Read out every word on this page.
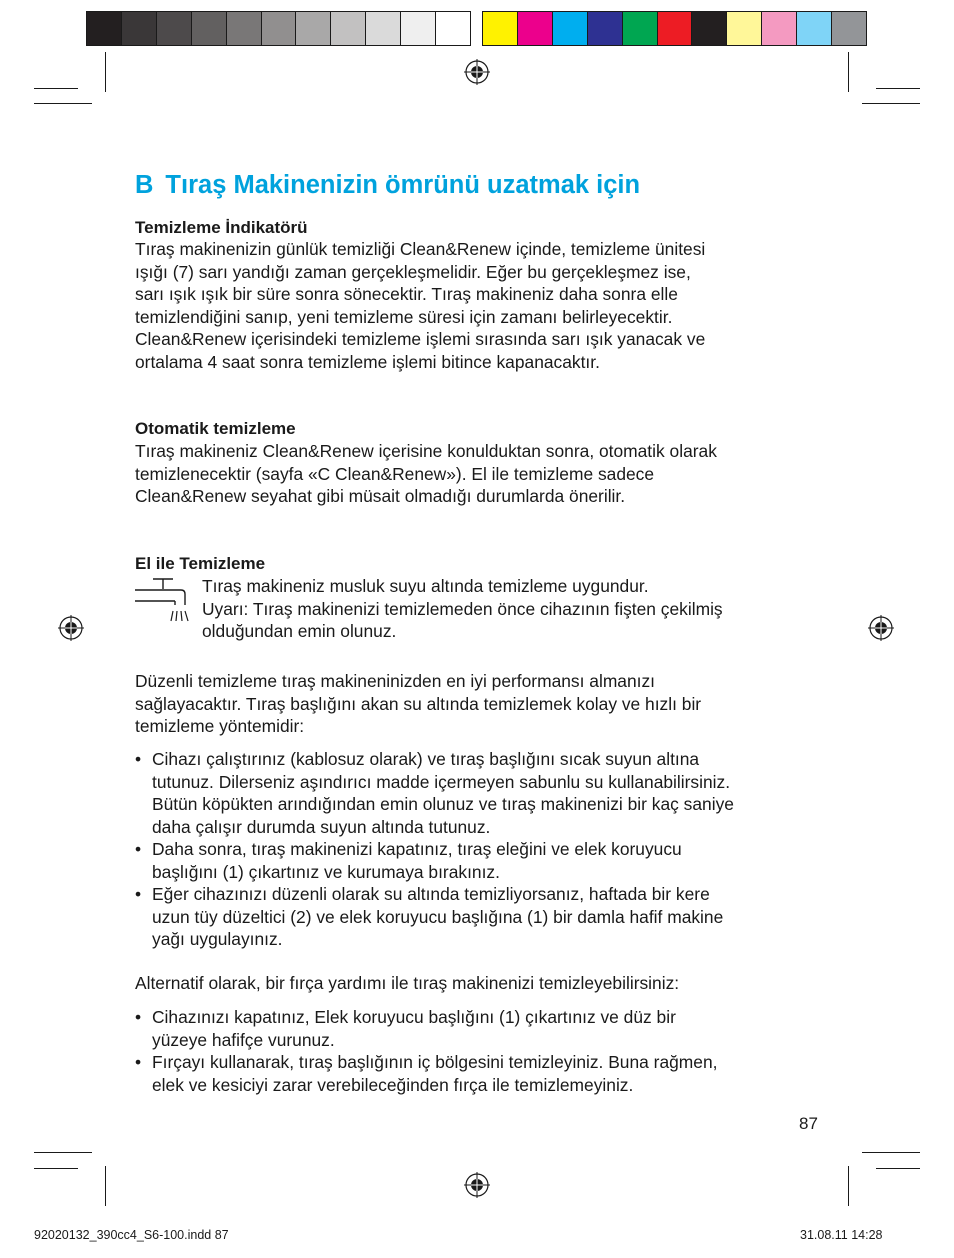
B Tıraş Makinenizin ömrünü uzatmak için
Temizleme İndikatörü

Tıraş makinenizin günlük temizliği Clean&Renew içinde, temizleme ünitesi
ışığı (7) sarı yandığı zaman gerçekleşmelidir. Eğer bu gerçekleşmez ise,
sarı ışık ışık bir süre sonra sönecektir. Tıraş makineniz daha sonra elle
temizlendiğini sanıp, yeni temizleme süresi için zamanı belirleyecektir.
Clean&Renew içerisindeki temizleme işlemi sırasında sarı ışık yanacak ve
ortalama 4 saat sonra temizleme işlemi bitince kapanacaktır.

Otomatik temizleme

Tıraş makineniz Clean&Renew içerisine konulduktan sonra, otomatik olarak
temizlenecektir (sayfa «C Clean&Renew»). El ile temizleme sadece
Clean&Renew seyahat gibi müsait olmadığı durumlarda önerilir.

El ile Temizleme

Tıraş makineniz musluk suyu altında temizleme uygundur.
Uyarı: Tıraş makinenizi temizlemeden önce cihazının fişten çekilmiş
olduğundan emin olunuz.

Düzenli temizleme tıraş makineninizden en iyi performansı almanızı
sağlayacaktır. Tıraş başlığını akan su altında temizlemek kolay ve hızlı bir
temizleme yöntemidir:

• Cihazı çalıştırınız (kablosuz olarak) ve tıraş başlığını sıcak suyun altına
tutunuz. Dilerseniz aşındırıcı madde içermeyen sabunlu su kullanabilirsiniz.
Bütün köpükten arındığından emin olunuz ve tıraş makinenizi bir kaç saniye
daha çalışır durumda suyun altında tutunuz.
• Daha sonra, tıraş makinenizi kapatınız, tıraş eleğini ve elek koruyucu
başlığını (1) çıkartınız ve kurumaya bırakınız.
• Eğer cihazınızı düzenli olarak su altında temizliyorsanız, haftada bir kere
uzun tüy düzeltici (2) ve elek koruyucu başlığına (1) bir damla hafif makine
yağı uygulayınız.

Alternatif olarak, bir fırça yardımı ile tıraş makinenizi temizleyebilirsiniz:

• Cihazınızı kapatınız, Elek koruyucu başlığını (1) çıkartınız ve düz bir
yüzeye hafifçe vurunuz.
• Fırçayı kullanarak, tıraş başlığının iç bölgesini temizleyiniz. Buna rağmen,
elek ve kesiciyi zarar verebileceğinden fırça ile temizlemeyiniz.

87

92020132_390cc4_S6-100.indd 87	31.08.11 14:28
